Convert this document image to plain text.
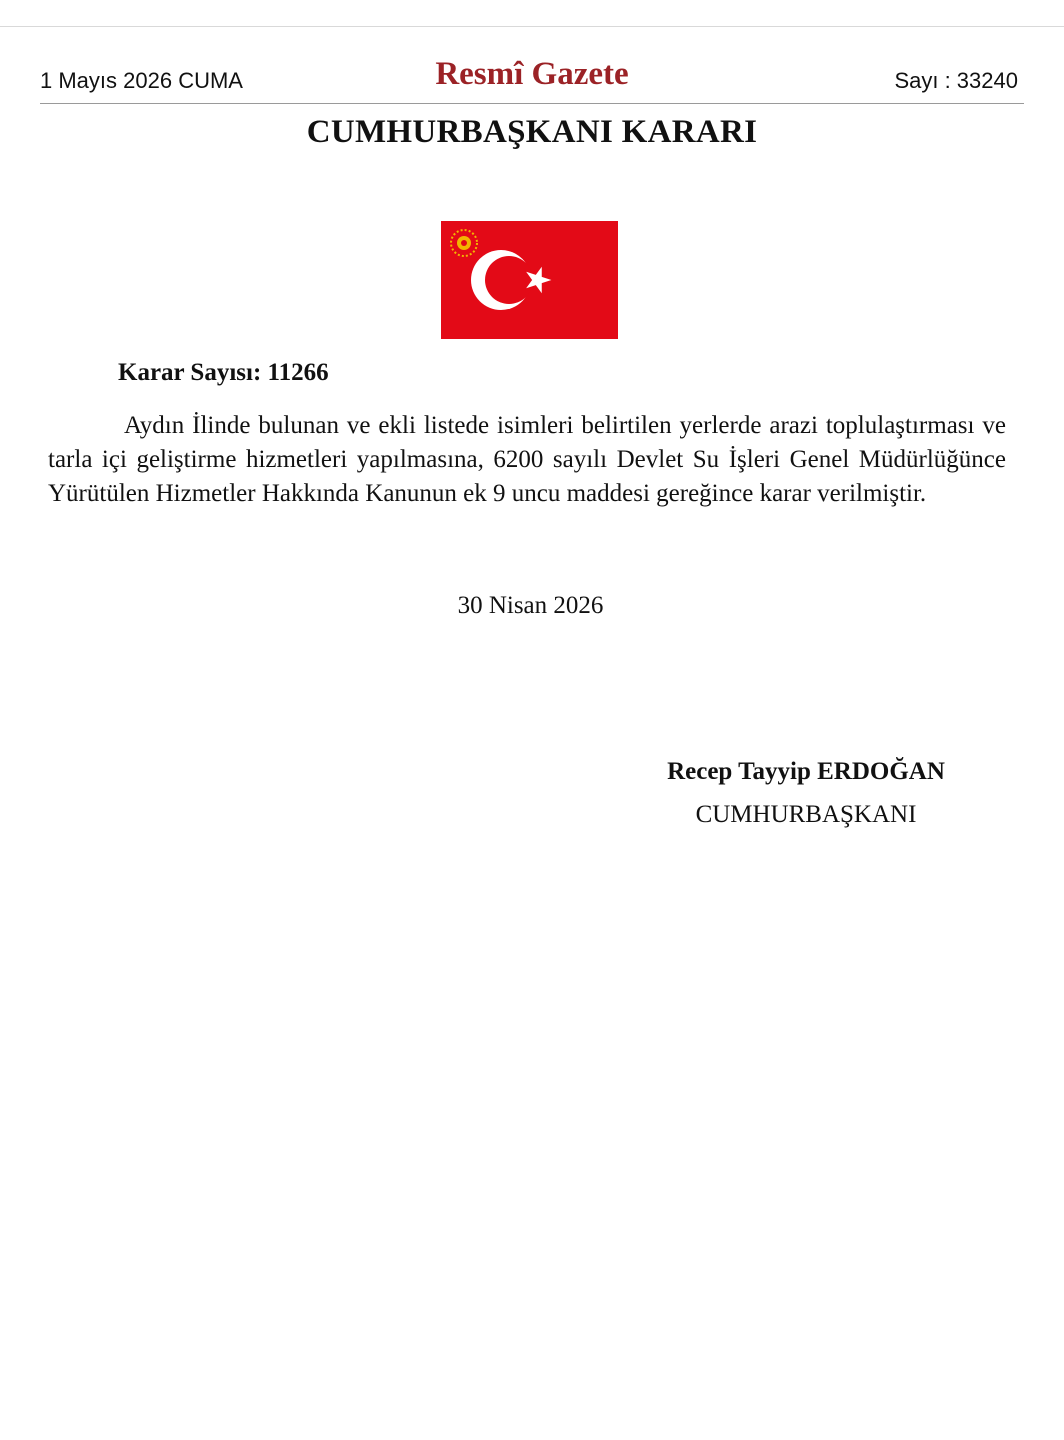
1 Mayıs 2026 CUMA	Resmî Gazete	Sayı : 33240
CUMHURBAŞKANI KARARI
Karar Sayısı: 11266
Aydın İlinde bulunan ve ekli listede isimleri belirtilen yerlerde arazi toplulaştırması ve
tarla içi geliştirme hizmetleri yapılmasına, 6200 sayılı Devlet Su İşleri Genel Müdürlüğünce
Yürütülen Hizmetler Hakkında Kanunun ek 9 uncu maddesi gereğince karar verilmiştir.
30 Nisan 2026
Recep Tayyip ERDOĞAN
CUMHURBAŞKANI
